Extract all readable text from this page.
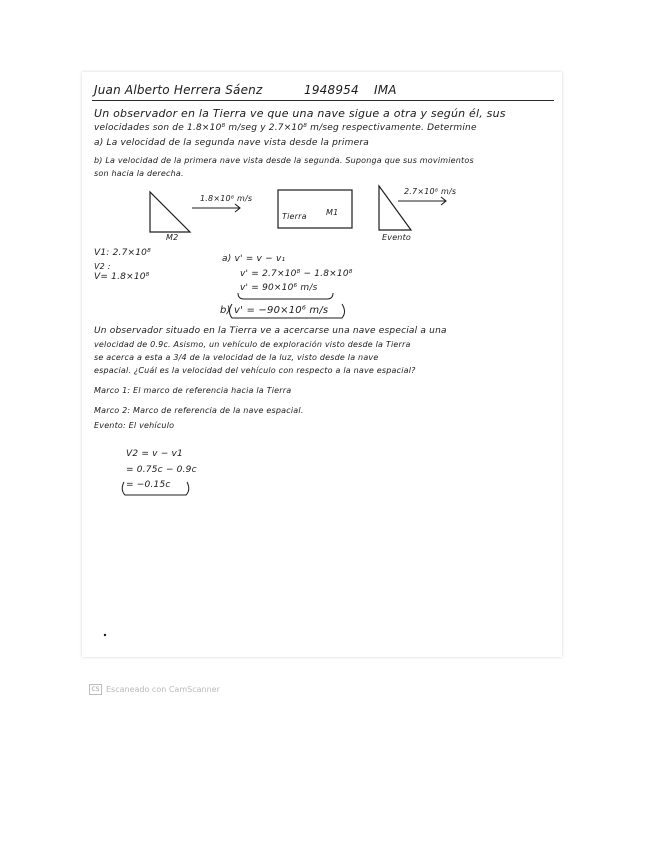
Juan Alberto Herrera Sáenz	1948954 IMA
Un observador en la Tierra ve que una nave sigue a otra y según él, sus
velocidades son de 1.8×10⁸ m/seg y 2.7×10⁸ m/seg respectivamente. Determine
a) La velocidad de la segunda nave vista desde la primera
b) La velocidad de la primera nave vista desde la segunda. Suponga que sus movimientos
son hacia la derecha.
1.8×10⁸ m/s
M2
Tierra M1
2.7×10⁸ m/s
Evento
V1: 2.7×10⁸
V2 :
V= 1.8×10⁸
a) v' = v − v₁
v' = 2.7×10⁸ − 1.8×10⁸
v' = 90×10⁶ m/s
b) v' = −90×10⁶ m/s
Un observador situado en la Tierra ve a acercarse una nave especial a una
velocidad de 0.9c. Asismo, un vehículo de exploración visto desde la Tierra
se acerca a esta a 3/4 de la velocidad de la luz, visto desde la nave
espacial. ¿Cuál es la velocidad del vehículo con respecto a la nave espacial?
Marco 1: El marco de referencia hacia la Tierra
Marco 2: Marco de referencia de la nave espacial.
Evento: El vehículo
V2 = v − v1
= 0.75c − 0.9c
= −0.15c
CS Escaneado con CamScanner
